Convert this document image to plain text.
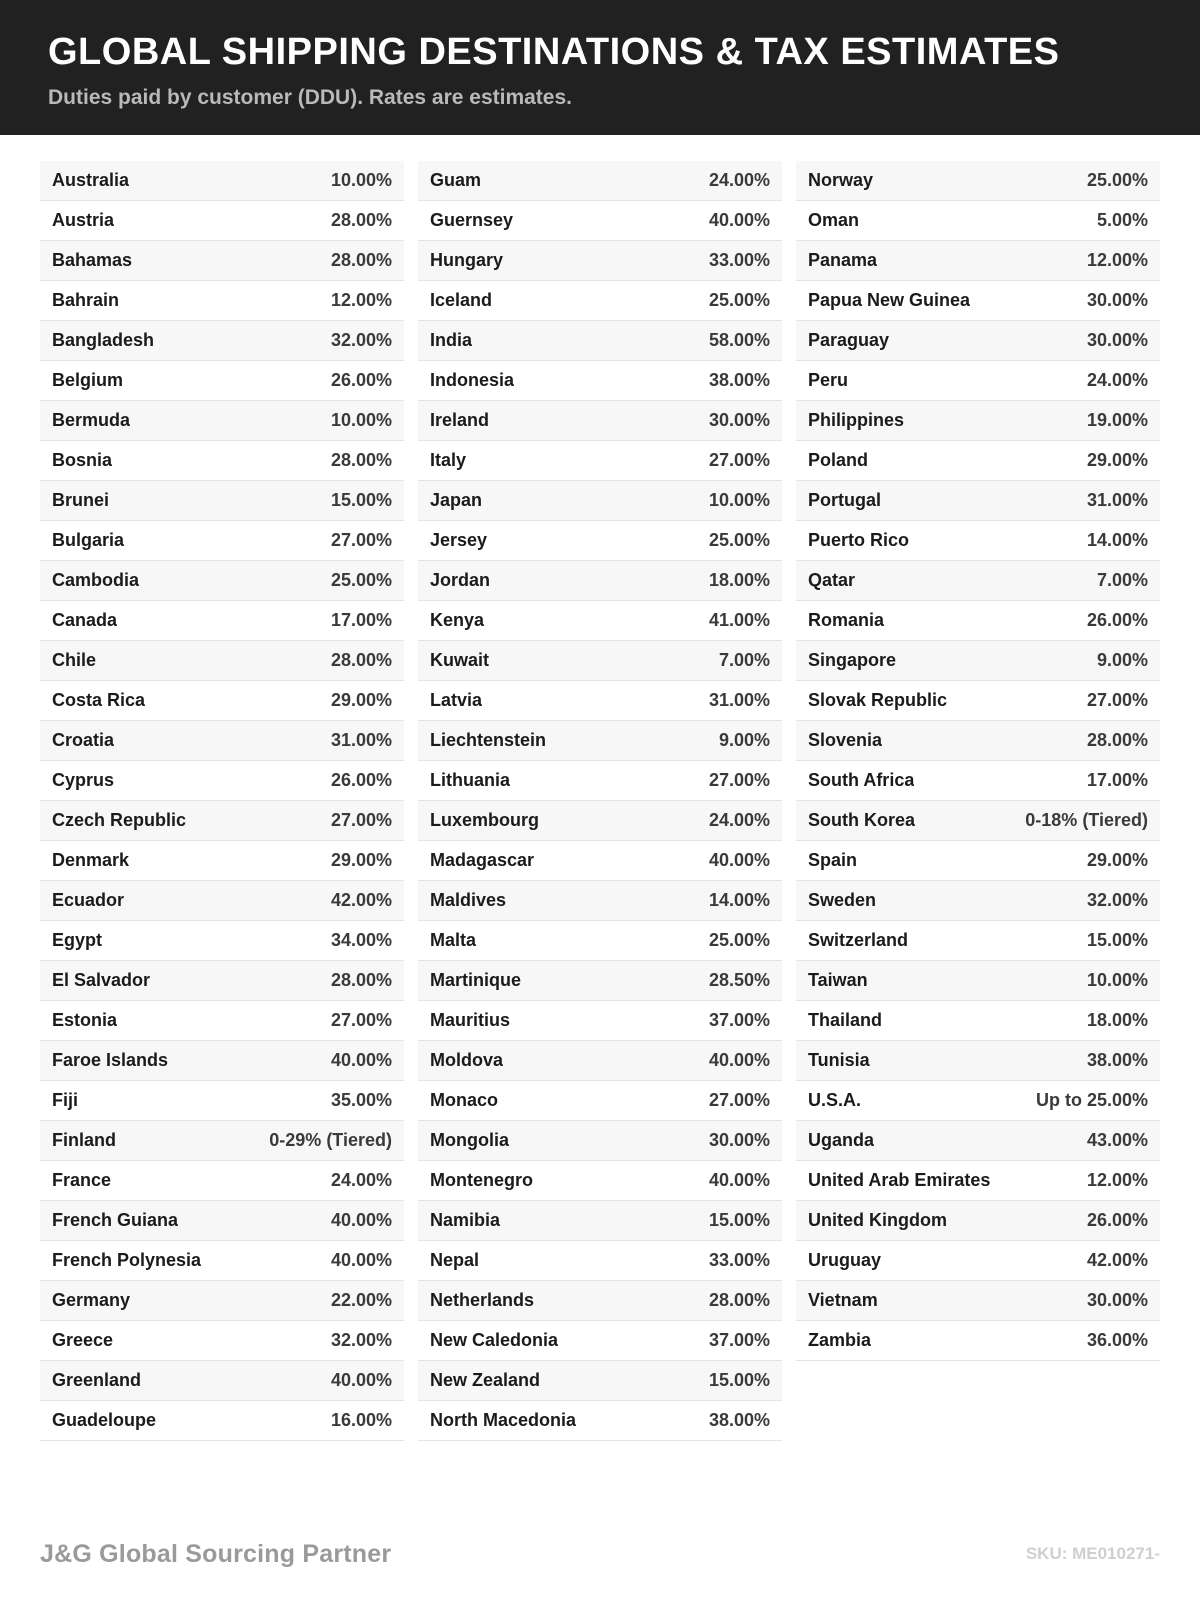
GLOBAL SHIPPING DESTINATIONS & TAX ESTIMATES
Duties paid by customer (DDU). Rates are estimates.
Australia	10.00%
Austria	28.00%
Bahamas	28.00%
Bahrain	12.00%
Bangladesh	32.00%
Belgium	26.00%
Bermuda	10.00%
Bosnia	28.00%
Brunei	15.00%
Bulgaria	27.00%
Cambodia	25.00%
Canada	17.00%
Chile	28.00%
Costa Rica	29.00%
Croatia	31.00%
Cyprus	26.00%
Czech Republic	27.00%
Denmark	29.00%
Ecuador	42.00%
Egypt	34.00%
El Salvador	28.00%
Estonia	27.00%
Faroe Islands	40.00%
Fiji	35.00%
Finland	0-29% (Tiered)
France	24.00%
French Guiana	40.00%
French Polynesia	40.00%
Germany	22.00%
Greece	32.00%
Greenland	40.00%
Guadeloupe	16.00%
Guam	24.00%
Guernsey	40.00%
Hungary	33.00%
Iceland	25.00%
India	58.00%
Indonesia	38.00%
Ireland	30.00%
Italy	27.00%
Japan	10.00%
Jersey	25.00%
Jordan	18.00%
Kenya	41.00%
Kuwait	7.00%
Latvia	31.00%
Liechtenstein	9.00%
Lithuania	27.00%
Luxembourg	24.00%
Madagascar	40.00%
Maldives	14.00%
Malta	25.00%
Martinique	28.50%
Mauritius	37.00%
Moldova	40.00%
Monaco	27.00%
Mongolia	30.00%
Montenegro	40.00%
Namibia	15.00%
Nepal	33.00%
Netherlands	28.00%
New Caledonia	37.00%
New Zealand	15.00%
North Macedonia	38.00%
Norway	25.00%
Oman	5.00%
Panama	12.00%
Papua New Guinea	30.00%
Paraguay	30.00%
Peru	24.00%
Philippines	19.00%
Poland	29.00%
Portugal	31.00%
Puerto Rico	14.00%
Qatar	7.00%
Romania	26.00%
Singapore	9.00%
Slovak Republic	27.00%
Slovenia	28.00%
South Africa	17.00%
South Korea	0-18% (Tiered)
Spain	29.00%
Sweden	32.00%
Switzerland	15.00%
Taiwan	10.00%
Thailand	18.00%
Tunisia	38.00%
U.S.A.	Up to 25.00%
Uganda	43.00%
United Arab Emirates	12.00%
United Kingdom	26.00%
Uruguay	42.00%
Vietnam	30.00%
Zambia	36.00%
J&G Global Sourcing Partner	SKU: ME010271-
